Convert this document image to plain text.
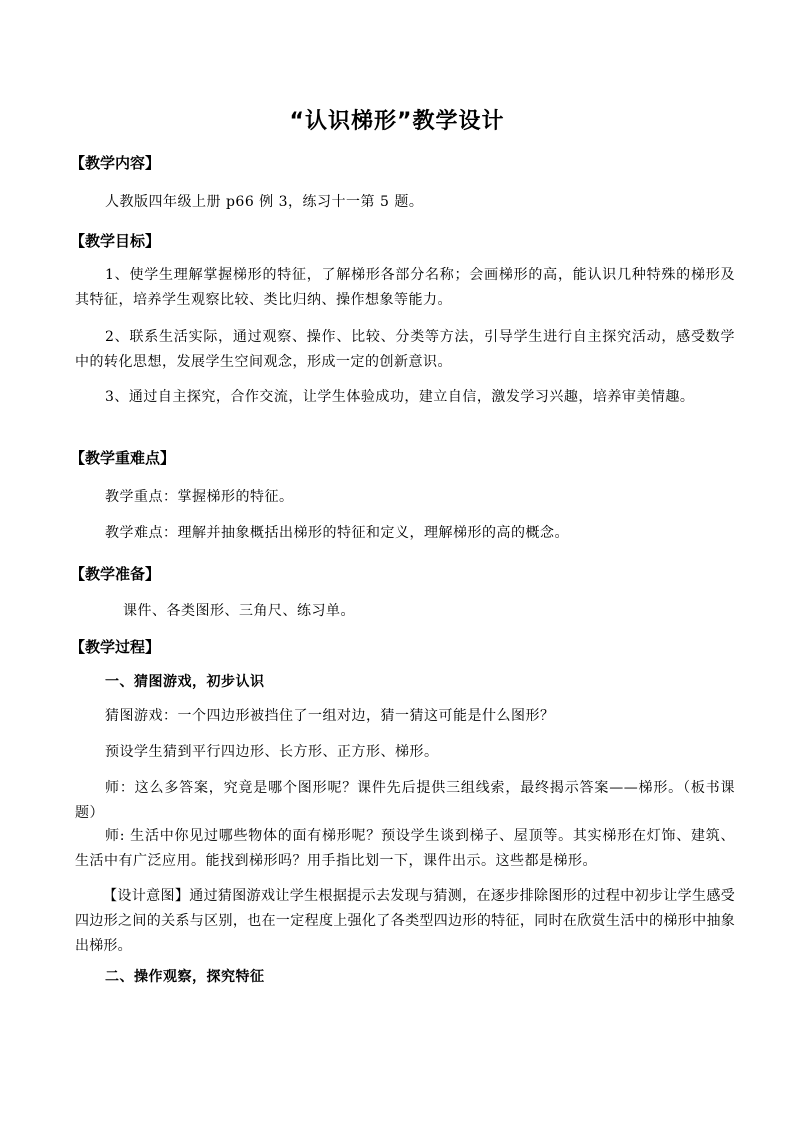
“认识梯形”教学设计
【教学内容】
人教版四年级上册 p66 例 3，练习十一第 5 题。
【教学目标】
1、使学生理解掌握梯形的特征，了解梯形各部分名称；会画梯形的高，能认识几种特殊的梯形及其特征，培养学生观察比较、类比归纳、操作想象等能力。
2、联系生活实际，通过观察、操作、比较、分类等方法，引导学生进行自主探究活动，感受数学中的转化思想，发展学生空间观念，形成一定的创新意识。
3、通过自主探究，合作交流，让学生体验成功，建立自信，激发学习兴趣，培养审美情趣。
【教学重难点】
教学重点：掌握梯形的特征。
教学难点：理解并抽象概括出梯形的特征和定义，理解梯形的高的概念。
【教学准备】
课件、各类图形、三角尺、练习单。
【教学过程】
一、猜图游戏，初步认识
猜图游戏：一个四边形被挡住了一组对边，猜一猜这可能是什么图形？
预设学生猜到平行四边形、长方形、正方形、梯形。
师：这么多答案，究竟是哪个图形呢？课件先后提供三组线索，最终揭示答案——梯形。（板书课题）
师: 生活中你见过哪些物体的面有梯形呢？预设学生谈到梯子、屋顶等。其实梯形在灯饰、建筑、生活中有广泛应用。能找到梯形吗？用手指比划一下，课件出示。这些都是梯形。
【设计意图】通过猜图游戏让学生根据提示去发现与猜测，在逐步排除图形的过程中初步让学生感受四边形之间的关系与区别，也在一定程度上强化了各类型四边形的特征，同时在欣赏生活中的梯形中抽象出梯形。
二、操作观察，探究特征
